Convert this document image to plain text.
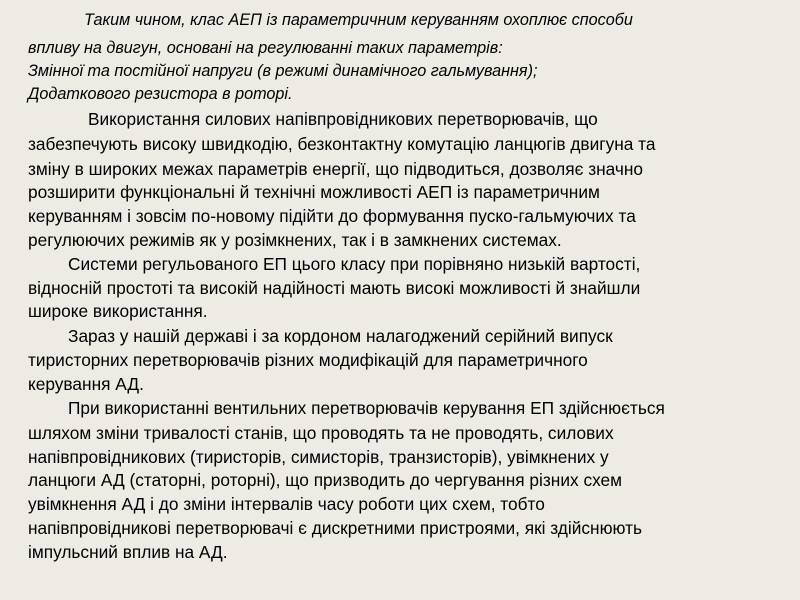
Таким чином, клас АЕП із параметричним керуванням охоплює способи
впливу на двигун, основані на регулюванні таких параметрів:
Змінної та постійної напруги (в режимі динамічного гальмування);
Додаткового резистора в роторі.
Використання силових напівпровідникових перетворювачів, що
забезпечують високу швидкодію, безконтактну комутацію ланцюгів двигуна та
зміну в широких межах параметрів енергії, що підводиться, дозволяє значно
розширити функціональні й технічні можливості АЕП із параметричним
керуванням і зовсім по-новому підійти до формування пуско-гальмуючих та
регулюючих режимів як у розімкнених, так і в замкнених системах.
Системи регульованого ЕП цього класу при порівняно низькій вартості,
відносній простоті та високій надійності мають високі можливості й знайшли
широке використання.
Зараз у нашій державі і за кордоном налагоджений серійний випуск
тиристорних перетворювачів різних модифікацій для параметричного
керування АД.
При використанні вентильних перетворювачів керування ЕП здійснюється
шляхом зміни тривалості станів, що проводять та не проводять, силових
напівпровідникових (тиристорів, симисторів, транзисторів), увімкнених у
ланцюги АД (статорні, роторні), що призводить до чергування різних схем
увімкнення АД і до зміни інтервалів часу роботи цих схем, тобто
напівпровідникові перетворювачі є дискретними пристроями, які здійснюють
імпульсний вплив на АД.
